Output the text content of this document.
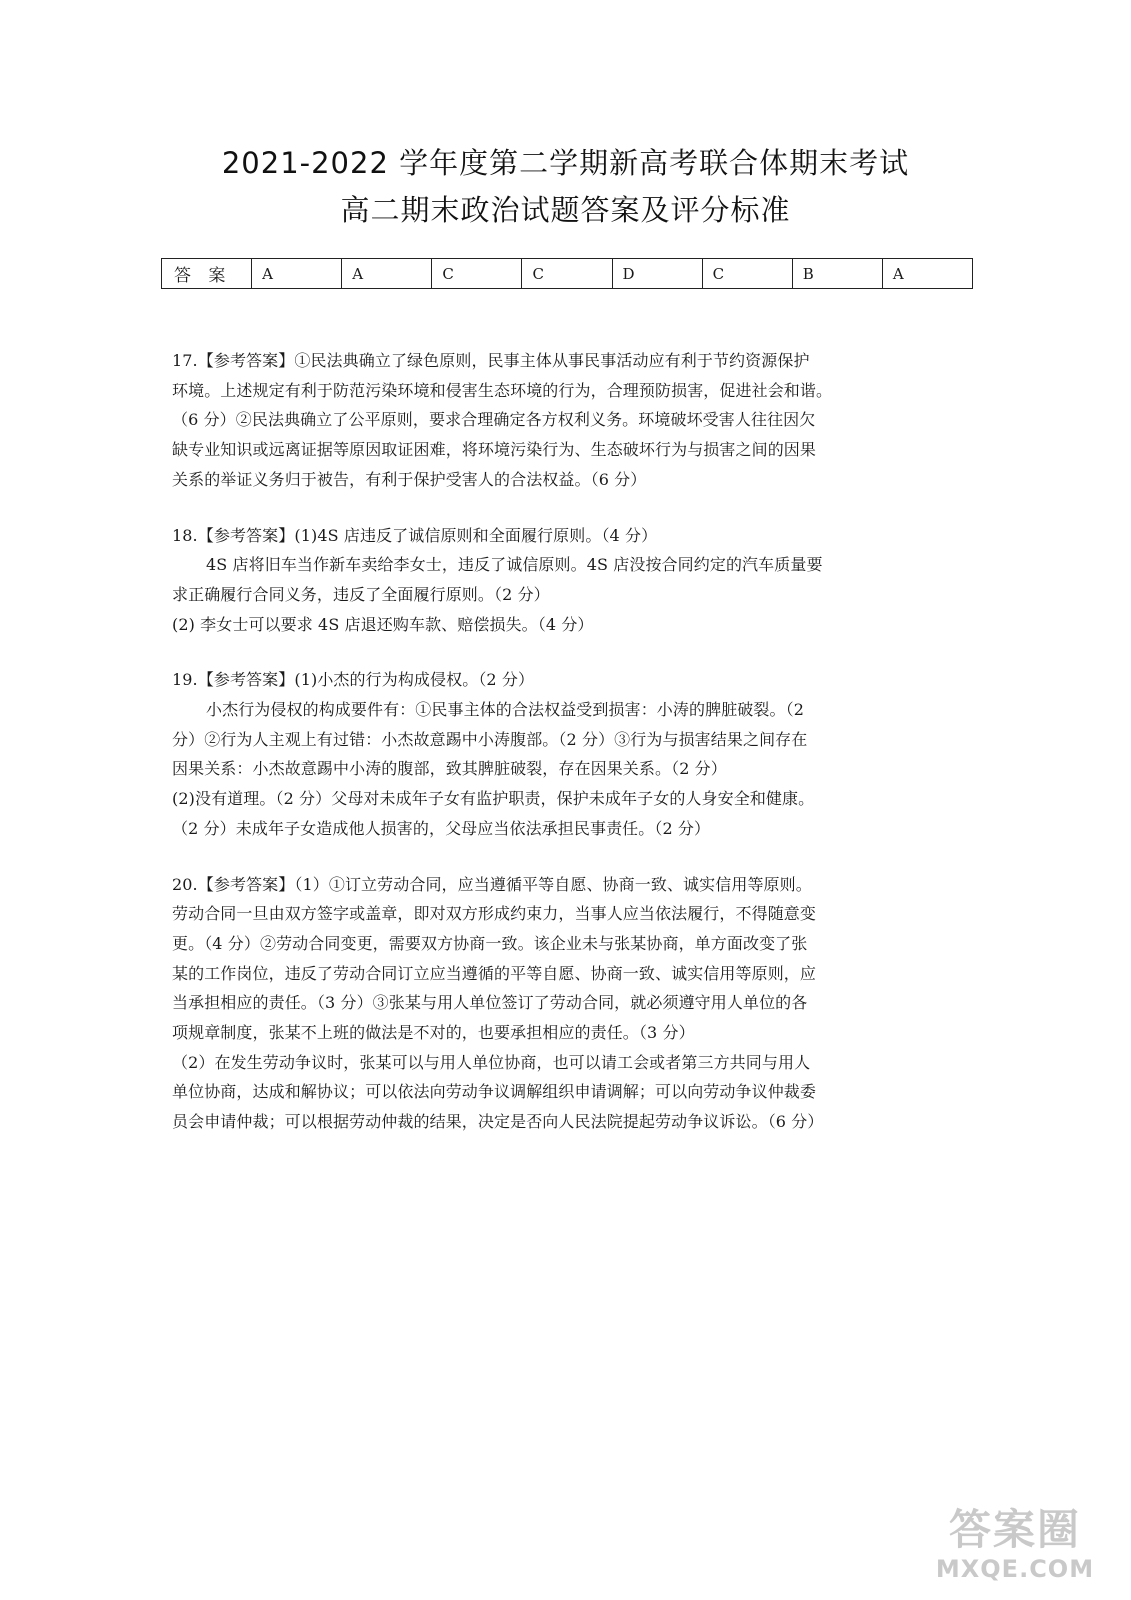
2021-2022 学年度第二学期新高考联合体期末考试
高二期末政治试题答案及评分标准
答 案	A	A	C	C	D	C	B	A
17.【参考答案】①民法典确立了绿色原则，民事主体从事民事活动应有利于节约资源保护
环境。上述规定有利于防范污染环境和侵害生态环境的行为，合理预防损害，促进社会和谐。
（6 分）②民法典确立了公平原则，要求合理确定各方权利义务。环境破坏受害人往往因欠
缺专业知识或远离证据等原因取证困难，将环境污染行为、生态破坏行为与损害之间的因果
关系的举证义务归于被告，有利于保护受害人的合法权益。（6 分）
18.【参考答案】(1)4S 店违反了诚信原则和全面履行原则。（4 分）
4S 店将旧车当作新车卖给李女士，违反了诚信原则。4S 店没按合同约定的汽车质量要
求正确履行合同义务，违反了全面履行原则。（2 分）
(2) 李女士可以要求 4S 店退还购车款、赔偿损失。（4 分）
19.【参考答案】(1)小杰的行为构成侵权。（2 分）
小杰行为侵权的构成要件有：①民事主体的合法权益受到损害：小涛的脾脏破裂。（2
分）②行为人主观上有过错：小杰故意踢中小涛腹部。（2 分）③行为与损害结果之间存在
因果关系：小杰故意踢中小涛的腹部，致其脾脏破裂，存在因果关系。（2 分）
(2)没有道理。（2 分）父母对未成年子女有监护职责，保护未成年子女的人身安全和健康。
（2 分）未成年子女造成他人损害的，父母应当依法承担民事责任。（2 分）
20.【参考答案】（1）①订立劳动合同，应当遵循平等自愿、协商一致、诚实信用等原则。
劳动合同一旦由双方签字或盖章，即对双方形成约束力，当事人应当依法履行，不得随意变
更。（4 分）②劳动合同变更，需要双方协商一致。该企业未与张某协商，单方面改变了张
某的工作岗位，违反了劳动合同订立应当遵循的平等自愿、协商一致、诚实信用等原则，应
当承担相应的责任。（3 分）③张某与用人单位签订了劳动合同，就必须遵守用人单位的各
项规章制度，张某不上班的做法是不对的，也要承担相应的责任。（3 分）
（2）在发生劳动争议时，张某可以与用人单位协商，也可以请工会或者第三方共同与用人
单位协商，达成和解协议；可以依法向劳动争议调解组织申请调解；可以向劳动争议仲裁委
员会申请仲裁；可以根据劳动仲裁的结果，决定是否向人民法院提起劳动争议诉讼。（6 分）
答案圈
MXQE.COM
